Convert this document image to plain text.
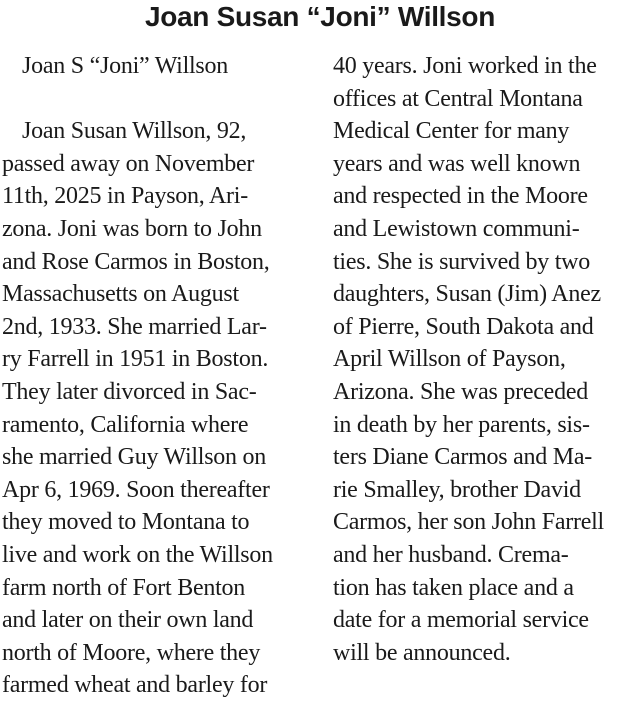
Joan Susan “Joni” Willson
Joan S “Joni” Willson
Joan Susan Willson, 92,
passed away on November
11th, 2025 in Payson, Ari-
zona. Joni was born to John
and Rose Carmos in Boston,
Massachusetts on August
2nd, 1933. She married Lar-
ry Farrell in 1951 in Boston.
They later divorced in Sac-
ramento, California where
she married Guy Willson on
Apr 6, 1969. Soon thereafter
they moved to Montana to
live and work on the Willson
farm north of Fort Benton
and later on their own land
north of Moore, where they
farmed wheat and barley for
40 years. Joni worked in the
offices at Central Montana
Medical Center for many
years and was well known
and respected in the Moore
and Lewistown communi-
ties. She is survived by two
daughters, Susan (Jim) Anez
of Pierre, South Dakota and
April Willson of Payson,
Arizona. She was preceded
in death by her parents, sis-
ters Diane Carmos and Ma-
rie Smalley, brother David
Carmos, her son John Farrell
and her husband. Crema-
tion has taken place and a
date for a memorial service
will be announced.
